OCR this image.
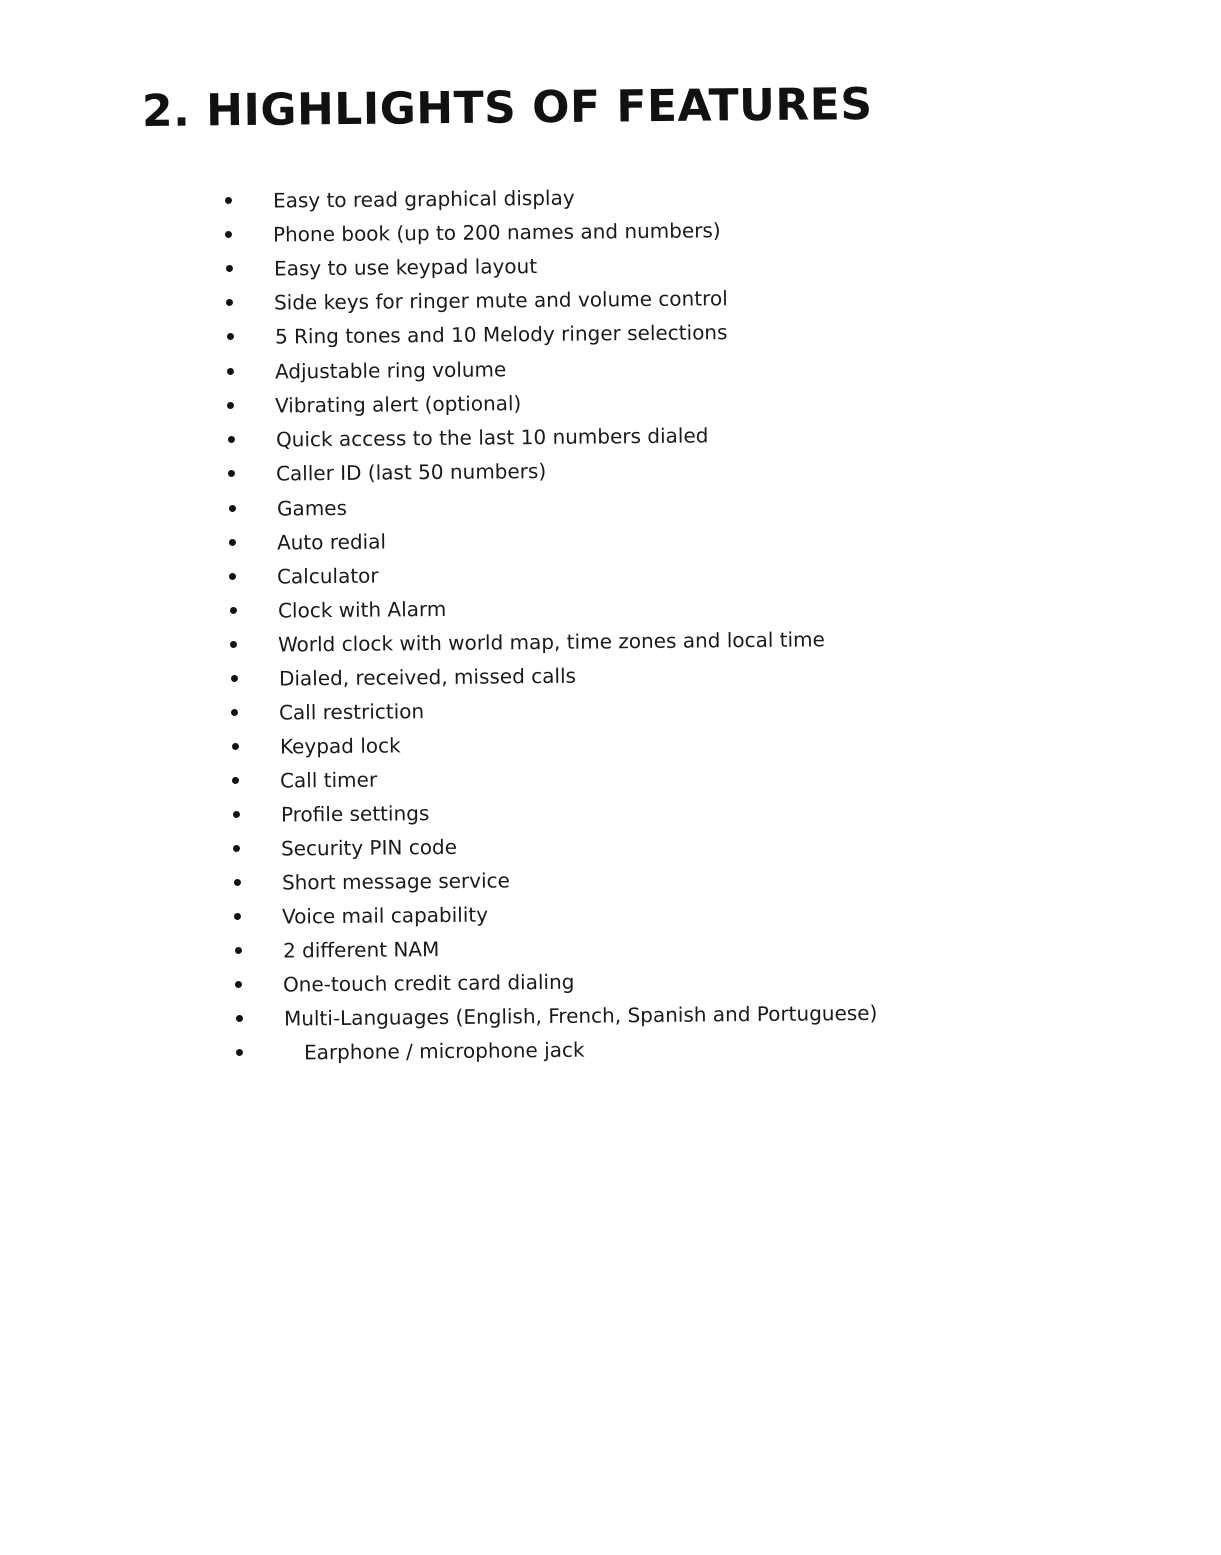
2. HIGHLIGHTS OF FEATURES
Easy to read graphical display
Phone book (up to 200 names and numbers)
Easy to use keypad layout
Side keys for ringer mute and volume control
5 Ring tones and 10 Melody ringer selections
Adjustable ring volume
Vibrating alert (optional)
Quick access to the last 10 numbers dialed
Caller ID (last 50 numbers)
Games
Auto redial
Calculator
Clock with Alarm
World clock with world map, time zones and local time
Dialed, received, missed calls
Call restriction
Keypad lock
Call timer
Profile settings
Security PIN code
Short message service
Voice mail capability
2 different NAM
One-touch credit card dialing
Multi-Languages (English, French, Spanish and Portuguese)
Earphone / microphone jack
